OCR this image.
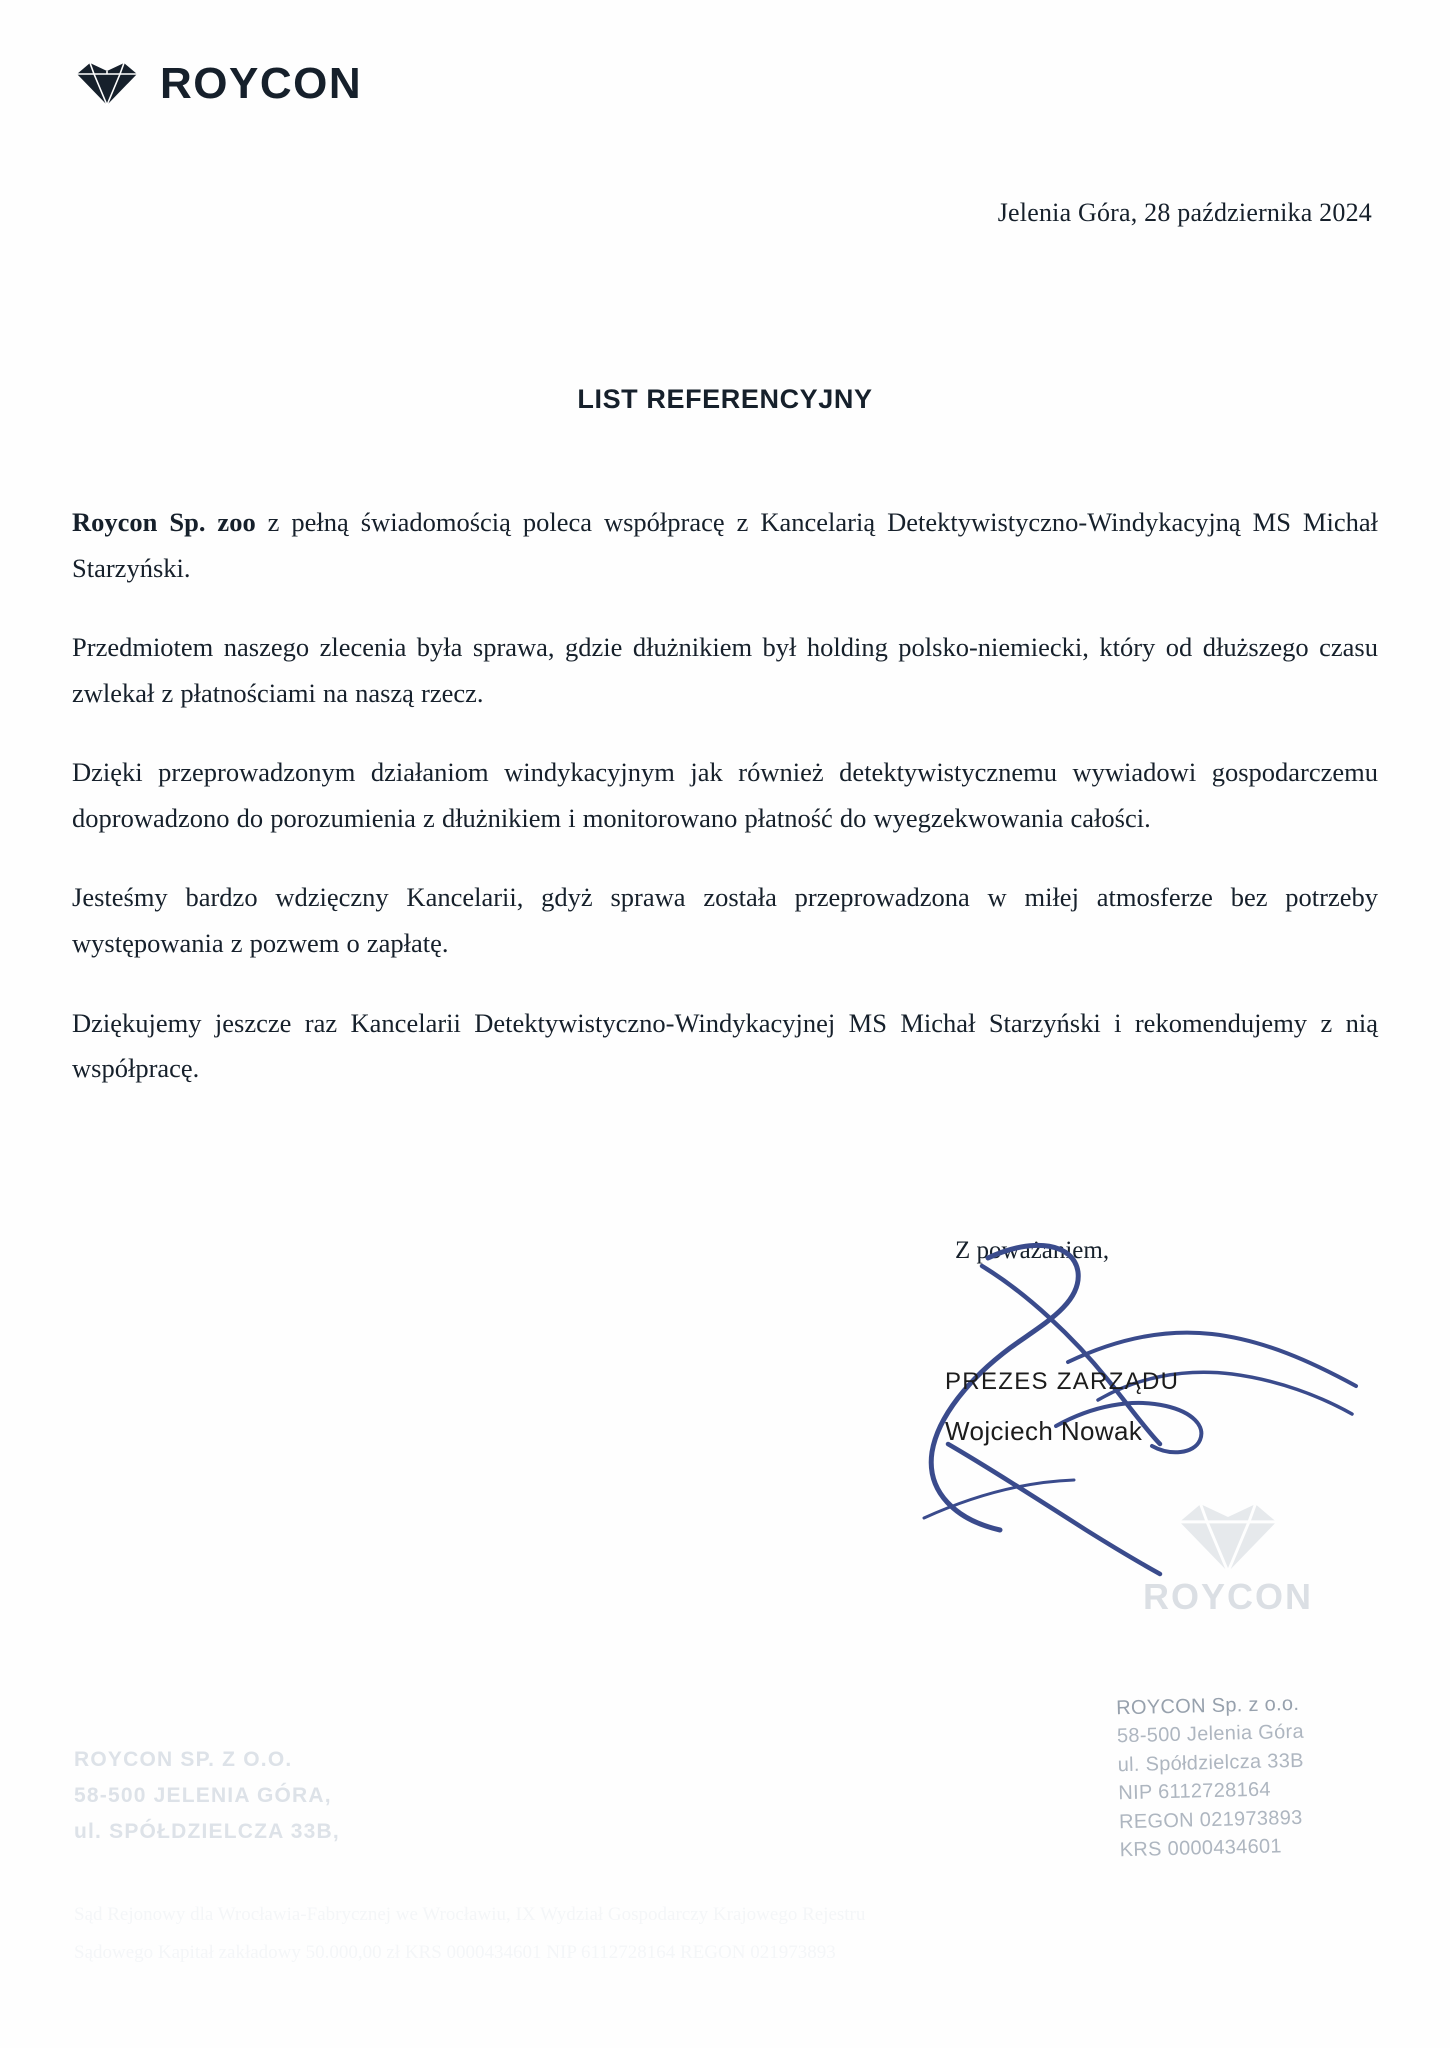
ROYCON
Jelenia Góra, 28 października 2024
LIST REFERENCYJNY

Roycon Sp. zoo z pełną świadomością poleca współpracę z Kancelarią Detektywistyczno-Windykacyjną MS Michał Starzyński.

Przedmiotem naszego zlecenia była sprawa, gdzie dłużnikiem był holding polsko-niemiecki, który od dłuższego czasu zwlekał z płatnościami na naszą rzecz.

Dzięki przeprowadzonym działaniom windykacyjnym jak również detektywistycznemu wywiadowi gospodarczemu doprowadzono do porozumienia z dłużnikiem i monitorowano płatność do wyegzekwowania całości.

Jesteśmy bardzo wdzięczny Kancelarii, gdyż sprawa została przeprowadzona w miłej atmosferze bez potrzeby występowania z pozwem o zapłatę.

Dziękujemy jeszcze raz Kancelarii Detektywistyczno-Windykacyjnej MS Michał Starzyński i rekomendujemy z nią współpracę.

Z poważaniem,
PREZES ZARZĄDU
Wojciech Nowak
ROYCON
ROYCON Sp. z o.o.
58-500 Jelenia Góra
ul. Spółdzielcza 33B
NIP 6112728164
REGON 021973893
KRS 0000434601
ROYCON SP. Z O.O.
58-500 JELENIA GÓRA,
ul. SPÓŁDZIELCZA 33B,
Sąd Rejonowy dla Wrocławia-Fabrycznej we Wrocławiu, IX Wydział Gospodarczy Krajowego Rejestru
Sądowego Kapitał zakładowy 50.000,00 zł KRS 0000434601 NIP 6112728164 REGON 021973893
